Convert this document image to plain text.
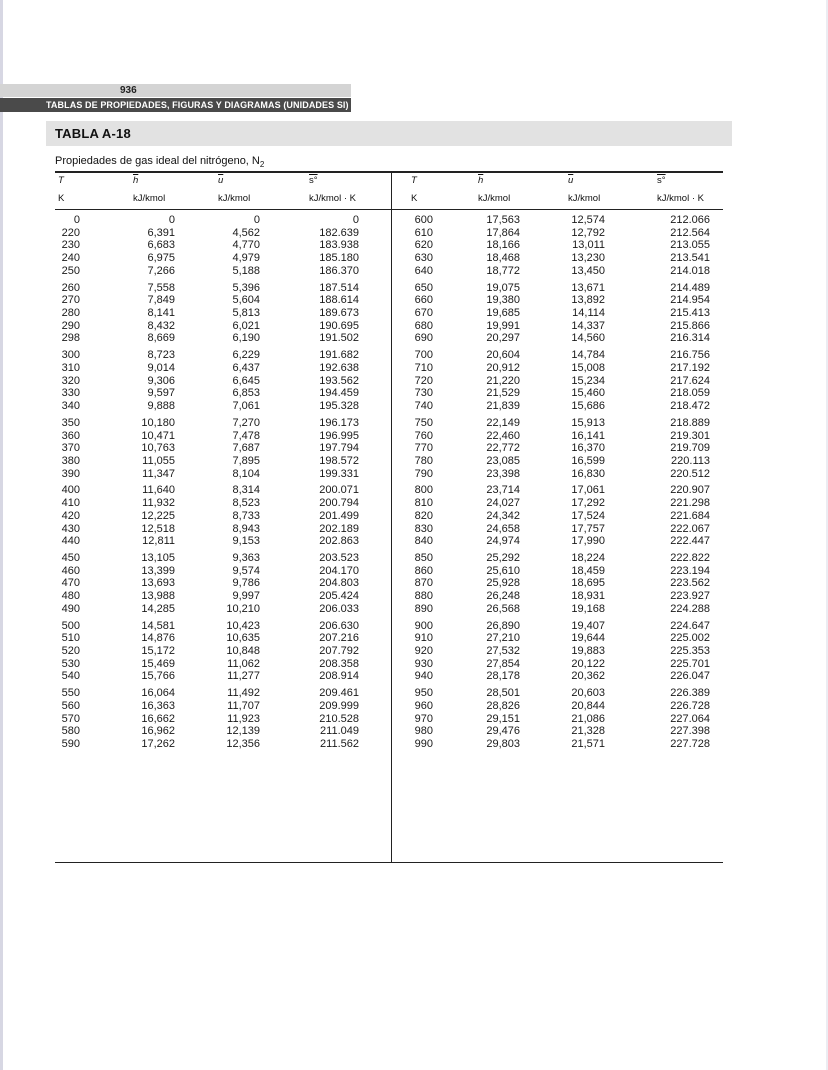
936
TABLAS DE PROPIEDADES, FIGURAS Y DIAGRAMAS (UNIDADES SI)
TABLA A-18
Propiedades de gas ideal del nitrógeno, $N_2$
T	$\overline{h}$	$\overline{u}$	s°	T	$\overline{h}$	$\overline{u}$	s°
K	kJ/kmol	kJ/kmol	kJ/kmol · K	K	kJ/kmol	kJ/kmol	kJ/kmol · K
0	0	0	0	600	17,563	12,574	212.066
220	6,391	4,562	182.639	610	17,864	12,792	212.564
230	6,683	4,770	183.938	620	18,166	13,011	213.055
240	6,975	4,979	185.180	630	18,468	13,230	213.541
250	7,266	5,188	186.370	640	18,772	13,450	214.018
260	7,558	5,396	187.514	650	19,075	13,671	214.489
270	7,849	5,604	188.614	660	19,380	13,892	214.954
280	8,141	5,813	189.673	670	19,685	14,114	215.413
290	8,432	6,021	190.695	680	19,991	14,337	215.866
298	8,669	6,190	191.502	690	20,297	14,560	216.314
300	8,723	6,229	191.682	700	20,604	14,784	216.756
310	9,014	6,437	192.638	710	20,912	15,008	217.192
320	9,306	6,645	193.562	720	21,220	15,234	217.624
330	9,597	6,853	194.459	730	21,529	15,460	218.059
340	9,888	7,061	195.328	740	21,839	15,686	218.472
350	10,180	7,270	196.173	750	22,149	15,913	218.889
360	10,471	7,478	196.995	760	22,460	16,141	219.301
370	10,763	7,687	197.794	770	22,772	16,370	219.709
380	11,055	7,895	198.572	780	23,085	16,599	220.113
390	11,347	8,104	199.331	790	23,398	16,830	220.512
400	11,640	8,314	200.071	800	23,714	17,061	220.907
410	11,932	8,523	200.794	810	24,027	17,292	221.298
420	12,225	8,733	201.499	820	24,342	17,524	221.684
430	12,518	8,943	202.189	830	24,658	17,757	222.067
440	12,811	9,153	202.863	840	24,974	17,990	222.447
450	13,105	9,363	203.523	850	25,292	18,224	222.822
460	13,399	9,574	204.170	860	25,610	18,459	223.194
470	13,693	9,786	204.803	870	25,928	18,695	223.562
480	13,988	9,997	205.424	880	26,248	18,931	223.927
490	14,285	10,210	206.033	890	26,568	19,168	224.288
500	14,581	10,423	206.630	900	26,890	19,407	224.647
510	14,876	10,635	207.216	910	27,210	19,644	225.002
520	15,172	10,848	207.792	920	27,532	19,883	225.353
530	15,469	11,062	208.358	930	27,854	20,122	225.701
540	15,766	11,277	208.914	940	28,178	20,362	226.047
550	16,064	11,492	209.461	950	28,501	20,603	226.389
560	16,363	11,707	209.999	960	28,826	20,844	226.728
570	16,662	11,923	210.528	970	29,151	21,086	227.064
580	16,962	12,139	211.049	980	29,476	21,328	227.398
590	17,262	12,356	211.562	990	29,803	21,571	227.728
